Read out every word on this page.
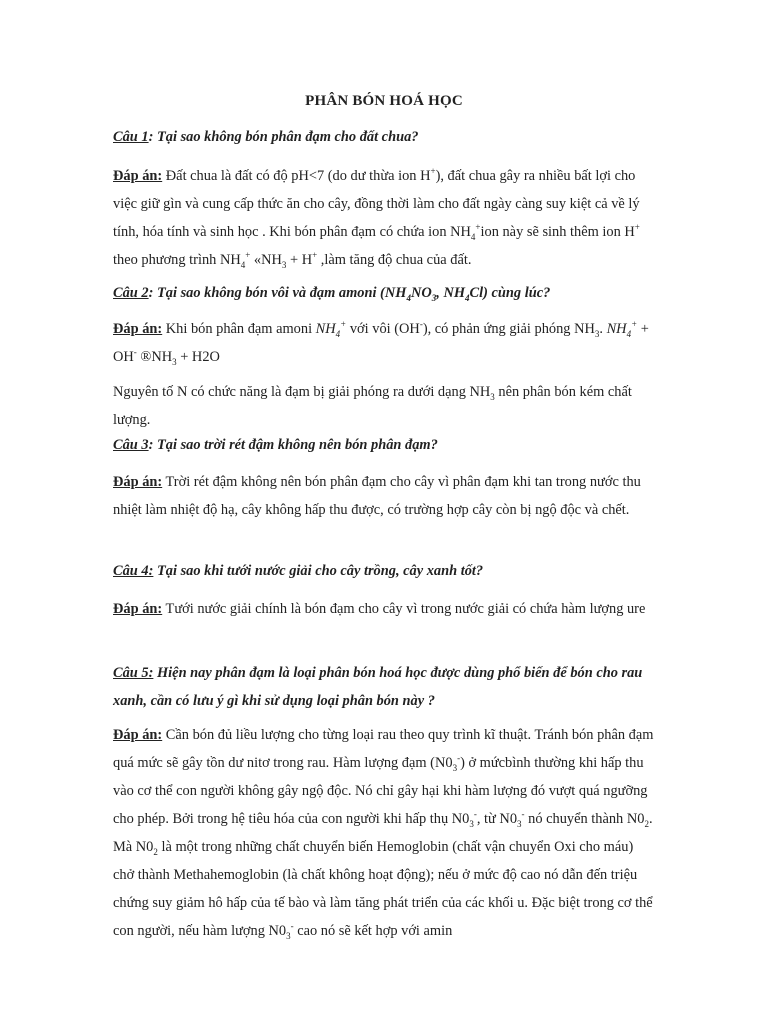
PHÂN BÓN HOÁ HỌC
Câu 1: Tại sao không bón phân đạm cho đất chua?
Đáp án: Đất chua là đất có độ pH<7 (do dư thừa ion H+), đất chua gây ra nhiều bất lợi cho việc giữ gìn và cung cấp thức ăn cho cây, đồng thời làm cho đất ngày càng suy kiệt cả về lý tính, hóa tính và sinh học . Khi bón phân đạm có chứa ion $NH_4^+ion$ này sẽ sinh thêm ion H+ theo phương trình $NH_4^+$ «$NH_3 + H^+$ ,làm tăng độ chua của đất.
Câu 2: Tại sao không bón vôi và đạm amoni ($NH_4NO_3$, $NH_4Cl$) cùng lúc?
Đáp án: Khi bón phân đạm amoni $NH_4^+$ với vôi (OH-), có phản ứng giải phóng $NH_3$. $NH_4^+ + OH^-$ $®NH_3 + H2O$
Nguyên tố N có chức năng là đạm bị giải phóng ra dưới dạng $NH_3$ nên phân bón kém chất lượng.
Câu 3: Tại sao trời rét đậm không nên bón phân đạm?
Đáp án: Trời rét đậm không nên bón phân đạm cho cây vì phân đạm khi tan trong nước thu nhiệt làm nhiệt độ hạ, cây không hấp thu được, có trường hợp cây còn bị ngộ độc và chết.
Câu 4: Tại sao khi tưới nước giải cho cây trồng, cây xanh tốt?
Đáp án: Tưới nước giải chính là bón đạm cho cây vì trong nước giải có chứa hàm lượng ure
Câu 5: Hiện nay phân đạm là loại phân bón hoá học được dùng phổ biến để bón cho rau xanh, cần có lưu ý gì khi sử dụng loại phân bón này ?
Đáp án: Cần bón đủ liều lượng cho từng loại rau theo quy trình kĩ thuật. Tránh bón phân đạm quá mức sẽ gây tồn dư nitơ trong rau. Hàm lượng đạm $(N0_3^-)$ ở mứcbình thường khi hấp thu vào cơ thể con người không gây ngộ độc. Nó chỉ gây hại khi hàm lượng đó vượt quá ngưỡng cho phép. Bởi trong hệ tiêu hóa của con người khi hấp thụ $N0_3^-$, từ $N0_3^-$ nó chuyển thành $N0_2$. Mà $N0_2$ là một trong những chất chuyển biến Hemoglobin (chất vận chuyển Oxi cho máu) chở thành Methahemoglobin (là chất không hoạt động); nếu ở mức độ cao nó dẫn đến triệu chứng suy giảm hô hấp của tế bào và làm tăng phát triển của các khối u. Đặc biệt trong cơ thể con người, nếu hàm lượng $N0_3^-$ cao nó sẽ kết hợp với amin
